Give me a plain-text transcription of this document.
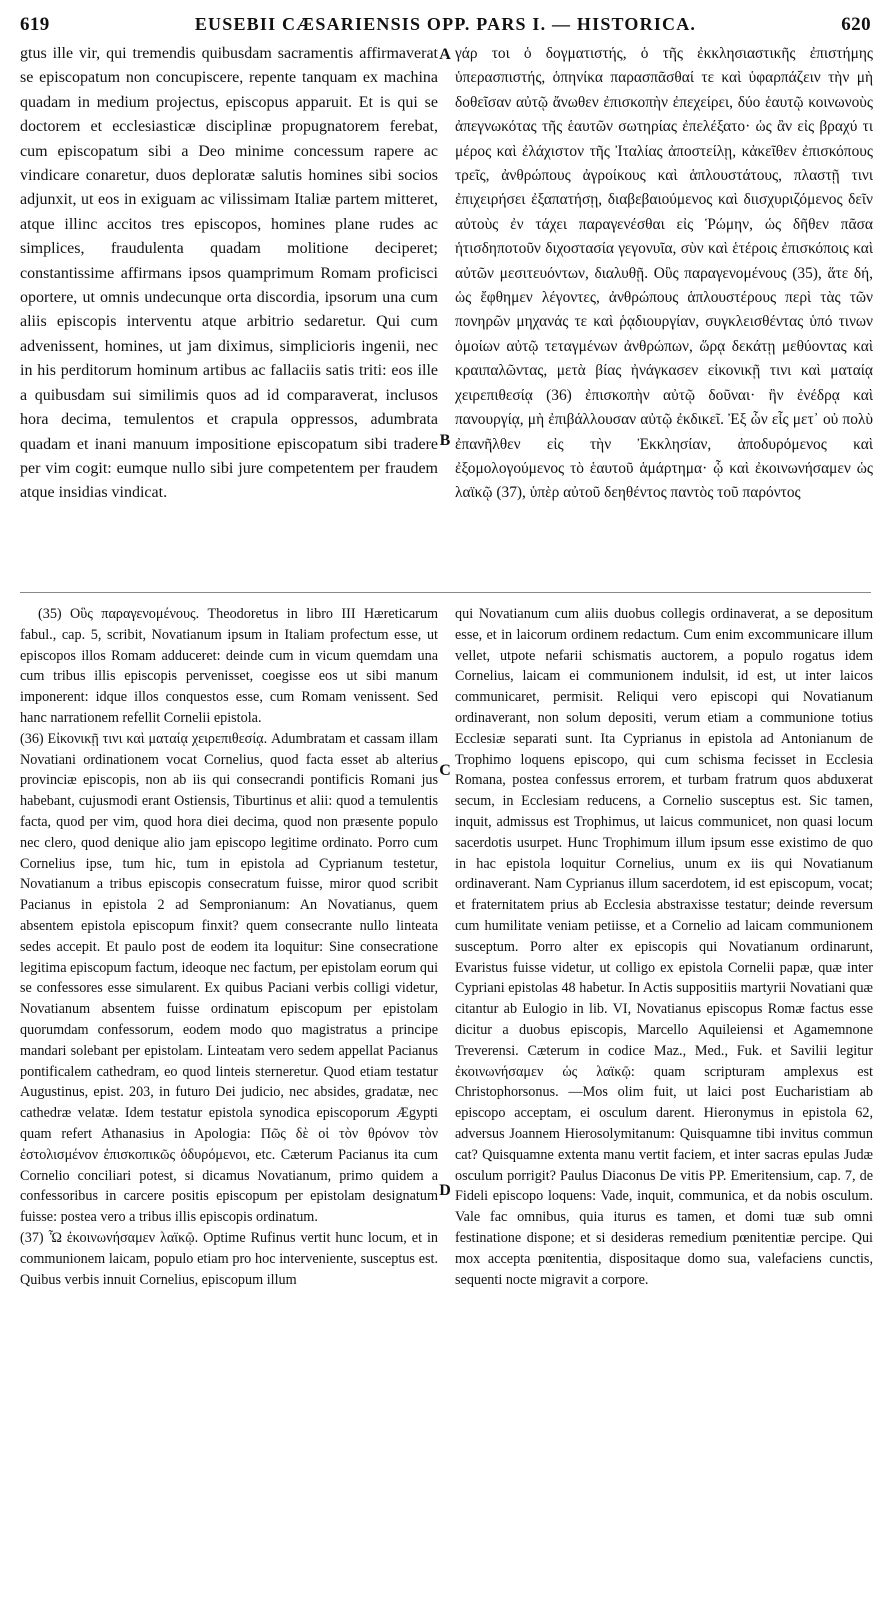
619	EUSEBII CÆSARIENSIS OPP. PARS I. — HISTORICA.	620

gtus ille vir, qui tremendis quibusdam sacramentis affirmaverat se episcopatum non concupiscere, repente tanquam ex machina quadam in medium projectus, episcopus apparuit. Et is qui se doctorem et ecclesiasticæ disciplinæ propugnatorem ferebat, cum episcopatum sibi a Deo minime concessum rapere ac vindicare conaretur, duos deploratæ salutis homines sibi socios adjunxit, ut eos in exiguam ac vilissimam Italiæ partem mitteret, atque illinc accitos tres episcopos, homines plane rudes ac simplices, fraudulenta quadam molitione deciperet; constantissime affirmans ipsos quamprimum Romam proficisci oportere, ut omnis undecunque orta discordia, ipsorum una cum aliis episcopis interventu atque arbitrio sedaretur. Qui cum advenissent, homines, ut jam diximus, simplicioris ingenii, nec in his perditorum hominum artibus ac fallaciis satis triti: eos ille a quibusdam sui similimis quos ad id comparaverat, inclusos hora decima, temulentos et crapula oppressos, adumbrata quadam et inani manuum impositione episcopatum sibi tradere per vim cogit: eumque nullo sibi jure competentem per fraudem atque insidias vindicat.

γάρ τοι ὁ δογματιστής, ὁ τῆς ἐκκλησιαστικῆς ἐπιστήμης ὑπερασπιστής, ὁπηνίκα παρασπᾶσθαί τε καὶ ὑφαρπάζειν τὴν μὴ δοθεῖσαν αὐτῷ ἄνωθεν ἐπισκοπὴν ἐπεχείρει, δύο ἑαυτῷ κοινωνοὺς ἀπεγνωκότας τῆς ἑαυτῶν σωτηρίας ἐπελέξατο· ὡς ἂν εἰς βραχύ τι μέρος καὶ ἐλάχιστον τῆς Ἰταλίας ἀποστείλῃ, κἀκεῖθεν ἐπισκόπους τρεῖς, ἀνθρώπους ἀγροίκους καὶ ἁπλουστάτους, πλαστῇ τινι ἐπιχειρήσει ἐξαπατήσῃ, διαβεβαιούμενος καὶ διισχυριζόμενος δεῖν αὐτοὺς ἐν τάχει παραγενέσθαι εἰς Ῥώμην, ὡς δῆθεν πᾶσα ἡτισδηποτοῦν διχοστασία γεγονυῖα, σὺν καὶ ἑτέροις ἐπισκόποις καὶ αὐτῶν μεσιτευόντων, διαλυθῇ. Οὓς παραγενομένους (35), ἅτε δή, ὡς ἔφθημεν λέγοντες, ἀνθρώπους ἁπλουστέρους περὶ τὰς τῶν πονηρῶν μηχανάς τε καὶ ῥᾳδιουργίαν, συγκλεισθέντας ὑπό τινων ὁμοίων αὐτῷ τεταγμένων ἀνθρώπων, ὥρᾳ δεκάτῃ μεθύοντας καὶ κραιπαλῶντας, μετὰ βίας ἠνάγκασεν εἰκονικῇ τινι καὶ ματαίᾳ χειρεπιθεσίᾳ (36) ἐπισκοπὴν αὐτῷ δοῦναι· ἣν ἐνέδρᾳ καὶ πανουργίᾳ, μὴ ἐπιβάλλουσαν αὐτῷ ἐκδικεῖ. Ἐξ ὧν εἷς μετ᾽ οὐ πολὺ ἐπανῆλθεν εἰς τὴν Ἐκκλησίαν, ἀποδυρόμενος καὶ ἐξομολογούμενος τὸ ἑαυτοῦ ἁμάρτημα· ᾧ καὶ ἐκοινωνήσαμεν ὡς λαϊκῷ (37), ὑπὲρ αὐτοῦ δεηθέντος παντὸς τοῦ παρόντος

A
B
C
D

(35) Οὓς παραγενομένους. Theodoretus in libro III Hæreticarum fabul., cap. 5, scribit, Novatianum ipsum in Italiam profectum esse, ut episcopos illos Romam adduceret: deinde cum in vicum quemdam una cum tribus illis episcopis pervenisset, coegisse eos ut sibi manum imponerent: idque illos conquestos esse, cum Romam venissent. Sed hanc narrationem refellit Cornelii epistola.

(36) Εἰκονικῇ τινι καὶ ματαίᾳ χειρεπιθεσίᾳ. Adumbratam et cassam illam Novatiani ordinationem vocat Cornelius, quod facta esset ab alterius provinciæ episcopis, non ab iis qui consecrandi pontificis Romani jus habebant, cujusmodi erant Ostiensis, Tiburtinus et alii: quod a temulentis facta, quod per vim, quod hora diei decima, quod non præsente populo nec clero, quod denique alio jam episcopo legitime ordinato. Porro cum Cornelius ipse, tum hic, tum in epistola ad Cyprianum testetur, Novatianum a tribus episcopis consecratum fuisse, miror quod scribit Pacianus in epistola 2 ad Sempronianum: An Novatianus, quem absentem epistola episcopum finxit? quem consecrante nullo linteata sedes accepit. Et paulo post de eodem ita loquitur: Sine consecratione legitima episcopum factum, ideoque nec factum, per epistolam eorum qui se confessores esse simularent. Ex quibus Paciani verbis colligi videtur, Novatianum absentem fuisse ordinatum episcopum per epistolam quorumdam confessorum, eodem modo quo magistratus a principe mandari solebant per epistolam. Linteatam vero sedem appellat Pacianus pontificalem cathedram, eo quod linteis sterneretur. Quod etiam testatur Augustinus, epist. 203, in futuro Dei judicio, nec absides, gradatæ, nec cathedræ velatæ. Idem testatur epistola synodica episcoporum Ægypti quam refert Athanasius in Apologia: Πῶς δὲ οἱ τὸν θρόνον τὸν ἐστολισμένον ἐπισκοπικῶς ὀδυρόμενοι, etc. Cæterum Pacianus ita cum Cornelio conciliari potest, si dicamus Novatianum, primo quidem a confessoribus in carcere positis episcopum per epistolam designatum fuisse: postea vero a tribus illis episcopis ordinatum.

(37) Ὧ ἐκοινωνήσαμεν λαϊκῷ. Optime Rufinus vertit hunc locum, et in communionem laicam, populo etiam pro hoc interveniente, susceptus est. Quibus verbis innuit Cornelius, episcopum illum

qui Novatianum cum aliis duobus collegis ordinaverat, a se depositum esse, et in laicorum ordinem redactum. Cum enim excommunicare illum vellet, utpote nefarii schismatis auctorem, a populo rogatus idem Cornelius, laicam ei communionem indulsit, id est, ut inter laicos communicaret, permisit. Reliqui vero episcopi qui Novatianum ordinaverant, non solum depositi, verum etiam a communione totius Ecclesiæ separati sunt. Ita Cyprianus in epistola ad Antonianum de Trophimo loquens episcopo, qui cum schisma fecisset in Ecclesia Romana, postea confessus errorem, et turbam fratrum quos abduxerat secum, in Ecclesiam reducens, a Cornelio susceptus est. Sic tamen, inquit, admissus est Trophimus, ut laicus communicet, non quasi locum sacerdotis usurpet. Hunc Trophimum illum ipsum esse existimo de quo in hac epistola loquitur Cornelius, unum ex iis qui Novatianum ordinaverant. Nam Cyprianus illum sacerdotem, id est episcopum, vocat; et fraternitatem prius ab Ecclesia abstraxisse testatur; deinde reversum cum humilitate veniam petiisse, et a Cornelio ad laicam communionem susceptum. Porro alter ex episcopis qui Novatianum ordinarunt, Evaristus fuisse videtur, ut colligo ex epistola Cornelii papæ, quæ inter Cypriani epistolas 48 habetur. In Actis suppositiis martyrii Novatiani quæ citantur ab Eulogio in lib. VI, Novatianus episcopus Romæ factus esse dicitur a duobus episcopis, Marcello Aquileiensi et Agamemnone Treverensi. Cæterum in codice Maz., Med., Fuk. et Savilii legitur ἐκοινωνήσαμεν ὡς λαϊκῷ: quam scripturam amplexus est Christophorsonus. —Mos olim fuit, ut laici post Eucharistiam ab episcopo acceptam, ei osculum darent. Hieronymus in epistola 62, adversus Joannem Hierosolymitanum: Quisquamne tibi invitus commun cat? Quisquamne extenta manu vertit faciem, et inter sacras epulas Judæ osculum porrigit? Paulus Diaconus De vitis PP. Emeritensium, cap. 7, de Fideli episcopo loquens: Vade, inquit, communica, et da nobis osculum. Vale fac omnibus, quia iturus es tamen, et domi tuæ sub omni festinatione dispone; et si desideras remedium pœnitentiæ percipe. Qui mox accepta pœnitentia, dispositaque domo sua, valefaciens cunctis, sequenti nocte migravit a corpore.
